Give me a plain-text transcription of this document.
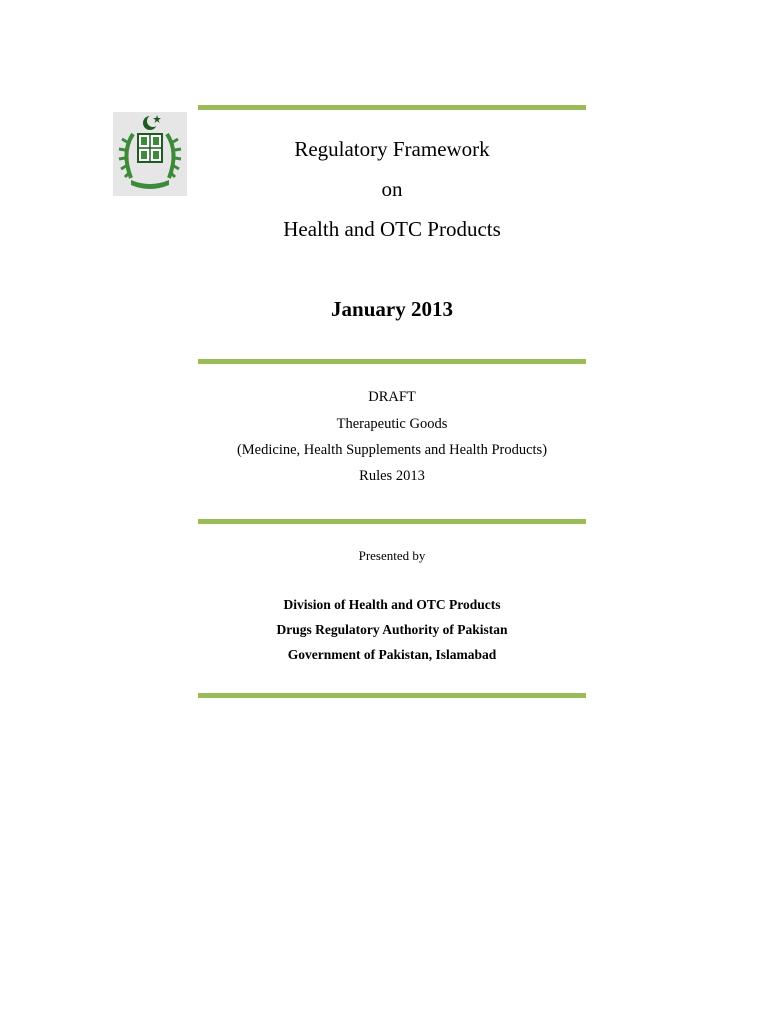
Regulatory Framework
on
Health and OTC Products
January 2013
DRAFT
Therapeutic Goods
(Medicine, Health Supplements and Health Products)
Rules 2013
Presented by
Division of Health and OTC Products
Drugs Regulatory Authority of Pakistan
Government of Pakistan, Islamabad
